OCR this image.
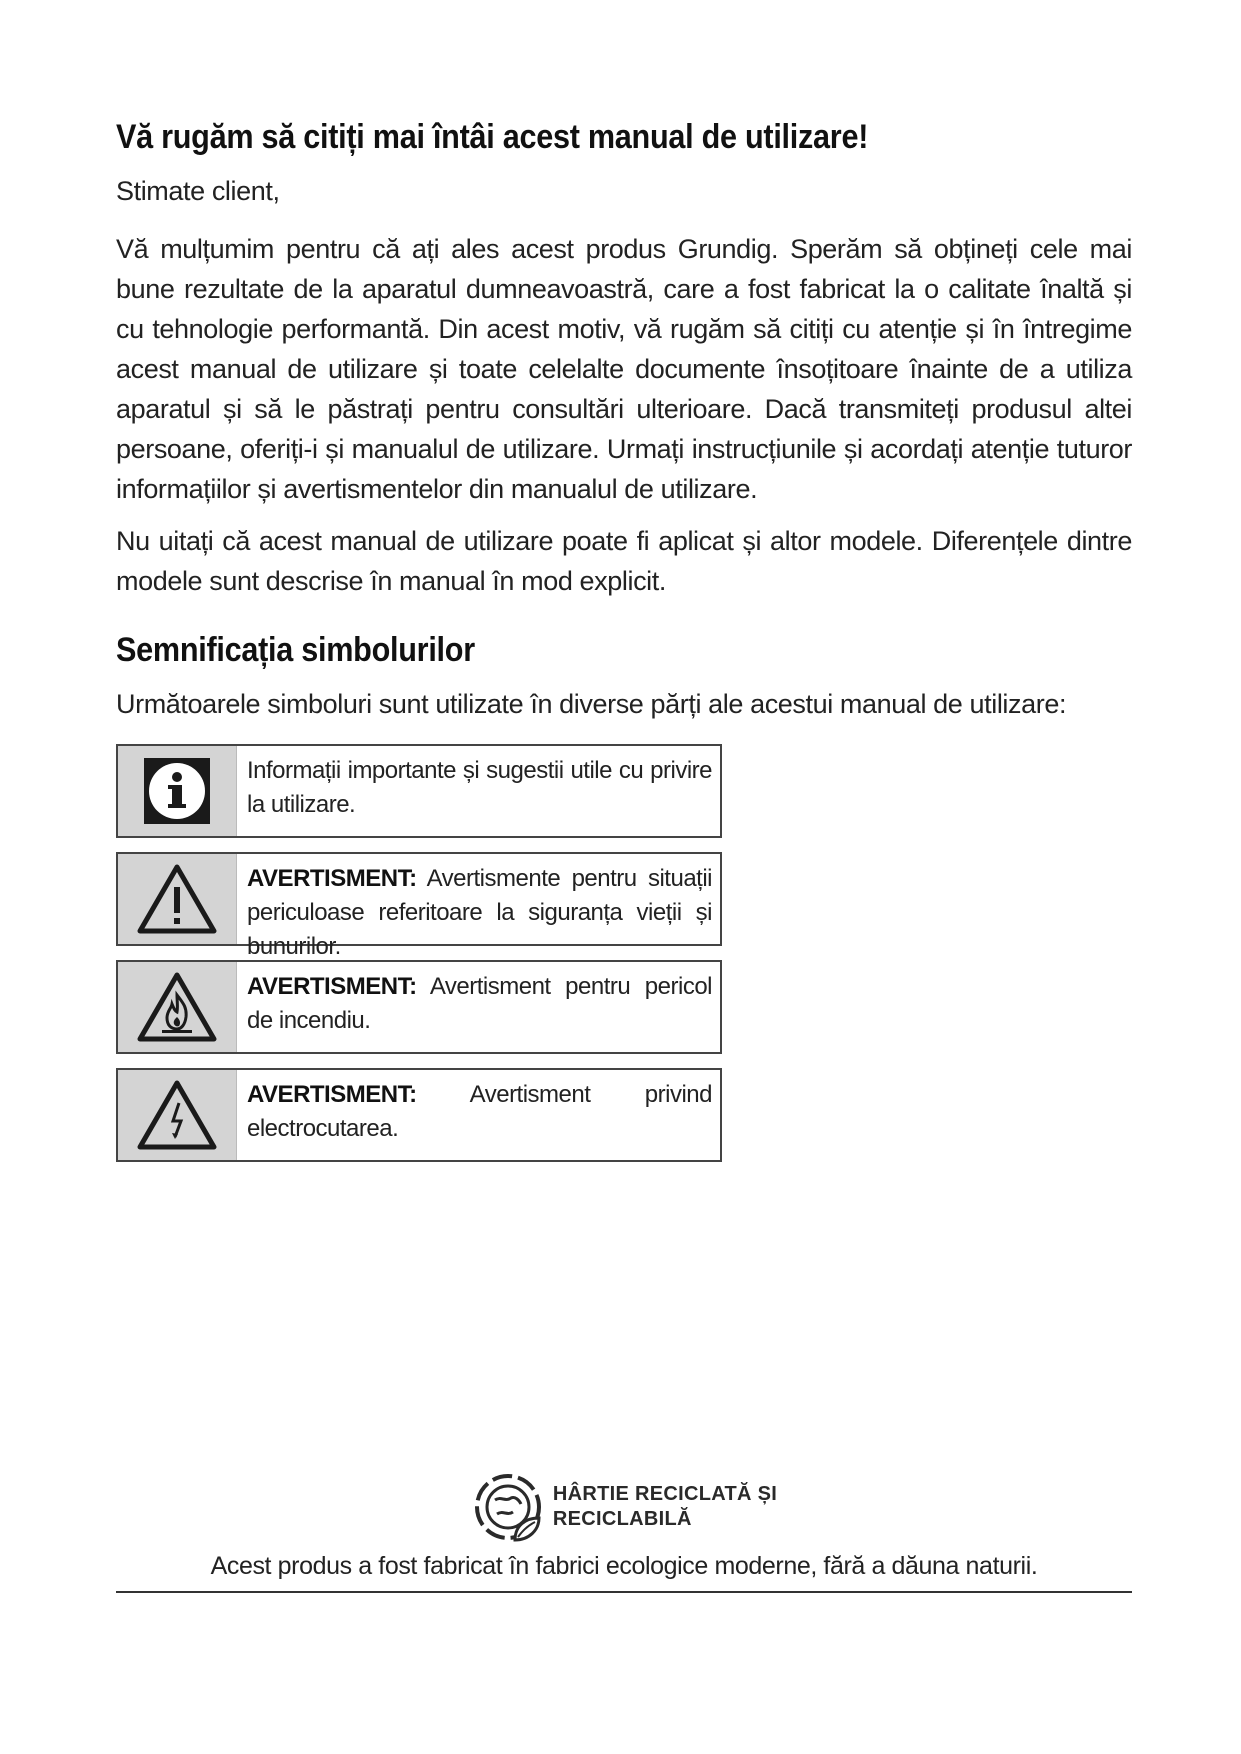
Vă rugăm să citiți mai întâi acest manual de utilizare!

Stimate client,

Vă mulțumim pentru că ați ales acest produs Grundig. Sperăm să obțineți cele mai bune rezultate de la aparatul dumneavoastră, care a fost fabricat la o calitate înaltă și cu tehnologie performantă. Din acest motiv, vă rugăm să citiți cu atenție și în întregime acest manual de utilizare și toate celelalte documente însoțitoare înainte de a utiliza aparatul și să le păstrați pentru consultări ulterioare. Dacă transmiteți produsul altei persoane, oferiți-i și manualul de utilizare. Urmați instrucțiunile și acordați atenție tuturor informațiilor și avertismentelor din manualul de utilizare.

Nu uitați că acest manual de utilizare poate fi aplicat și altor modele. Diferențele dintre modele sunt descrise în manual în mod explicit.

Semnificația simbolurilor

Următoarele simboluri sunt utilizate în diverse părți ale acestui manual de utilizare:

Informații importante și sugestii utile cu privire la utilizare.
AVERTISMENT: Avertismente pentru situații periculoase referitoare la siguranța vieții și bunurilor.
AVERTISMENT: Avertisment pentru pericol de incendiu.
AVERTISMENT: Avertisment privind electrocutarea.
HÂRTIE RECICLATĂ ȘI
RECICLABILĂ
Acest produs a fost fabricat în fabrici ecologice moderne, fără a dăuna naturii.
